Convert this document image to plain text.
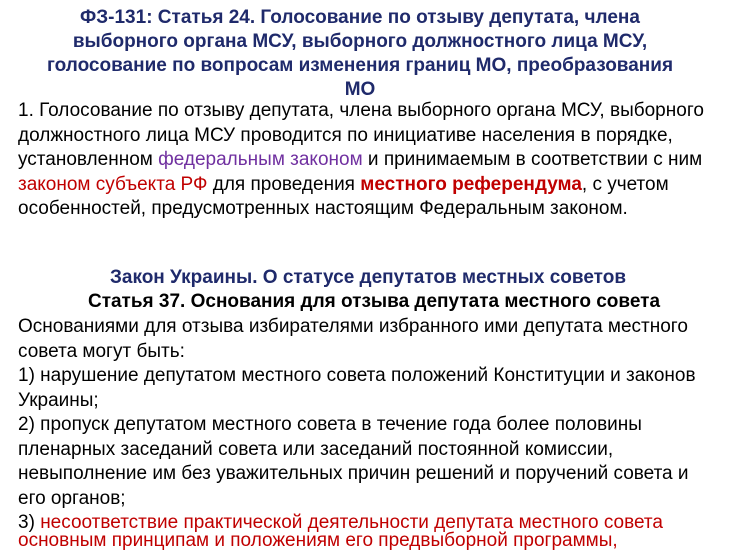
ФЗ-131: Статья 24. Голосование по отзыву депутата, члена
выборного органа МСУ, выборного должностного лица МСУ,
голосование по вопросам изменения границ МО, преобразования
МО

1. Голосование по отзыву депутата, члена выборного органа МСУ, выборного должностного лица МСУ проводится по инициативе населения в порядке, установленном федеральным законом и принимаемым в соответствии с ним законом субъекта РФ для проведения местного референдума, с учетом особенностей, предусмотренных настоящим Федеральным законом.

Закон Украины. О статусе депутатов местных советов
Статья 37. Основания для отзыва депутата местного совета
Основаниями для отзыва избирателями избранного ими депутата местного совета могут быть:
1) нарушение депутатом местного совета положений Конституции и законов Украины;
2) пропуск депутатом местного совета в течение года более половины пленарных заседаний совета или заседаний постоянной комиссии, невыполнение им без уважительных причин решений и поручений совета и его органов;
3) несоответствие практической деятельности депутата местного совета
основным принципам и положениям его предвыборной программы,
